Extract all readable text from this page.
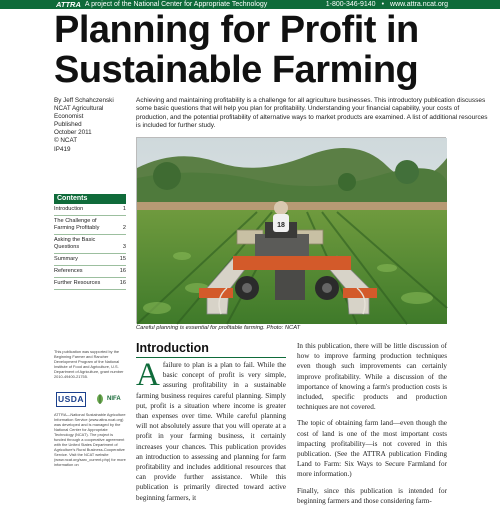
ATTRA A project of the National Center for Appropriate Technology	1-800-346-9140 • www.attra.ncat.org
Planning for Profit in Sustainable Farming
By Jeff Schahczenski
NCAT Agricultural
Economist
Published
October 2011
© NCAT
IP419

Achieving and maintaining profitability is a challenge for all agriculture businesses. This introductory publication discusses some basic questions that will help you plan for profitability. Understanding your financial capability, your costs of production, and the potential profitability of alternative ways to market products are examined. A list of additional resources is included for further study.

18
Careful planning is essential for profitable farming. Photo: NCAT
Contents
Introduction	1
The Challenge of Farming Profitably	2
Asking the Basic Questions	3
Summary	15
References	16
Further Resources	16

This publication was supported by the Beginning Farmer and Rancher Development Program of the National Institute of Food and Agriculture, U.S. Department of Agriculture, grant number 2010-49400-21755.

USDA	NIFA

ATTRA—National Sustainable Agriculture Information Service (www.attra.ncat.org) was developed and is managed by the National Center for Appropriate Technology (NCAT). The project is funded through a cooperative agreement with the United States Department of Agriculture's Rural Business-Cooperative Service. Visit the NCAT website (www.ncat.org/sarc_current.php) for more information on

Introduction
A failure to plan is a plan to fail. While the basic concept of profit is very simple, assuring profitability in a sustainable farming business requires careful planning. Simply put, profit is a situation where income is greater than expenses over time. While careful planning will not absolutely assure that you will operate at a profit in your farming business, it certainly increases your chances. This publication provides an introduction to assessing and planning for farm profitability and includes additional resources that can provide further assistance. While this publication is primarily directed toward active beginning farmers, it

In this publication, there will be little discussion of how to improve farming production techniques even though such improvements can certainly improve profitability. While a discussion of the importance of knowing a farm's production costs is included, specific products and production techniques are not covered.

The topic of obtaining farm land—even though the cost of land is one of the most important costs impacting profitability—is not covered in this publication. (See the ATTRA publication Finding Land to Farm: Six Ways to Secure Farmland for more information.)

Finally, since this publication is intended for beginning farmers and those considering farm-
